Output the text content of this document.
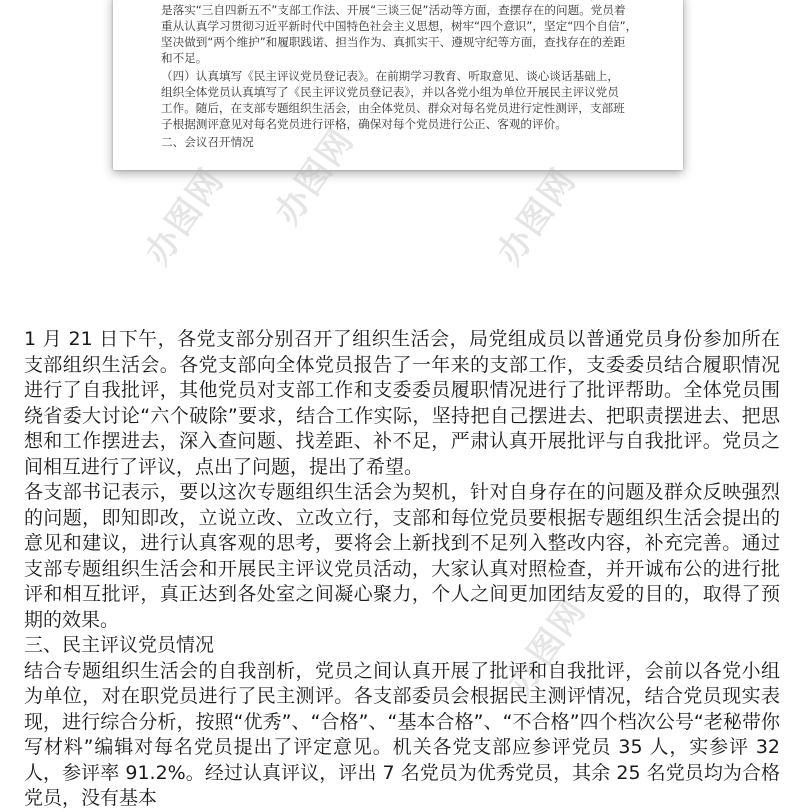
是落实“三自四新五不”支部工作法、开展“三谈三促”活动等方面，查摆存在的问题。党员着
重从认真学习贯彻习近平新时代中国特色社会主义思想，树牢“四个意识”，坚定“四个自信”，
坚决做到“两个维护”和履职践诺、担当作为、真抓实干、遵规守纪等方面，查找存在的差距
和不足。
（四）认真填写《民主评议党员登记表》。在前期学习教育、听取意见、谈心谈话基础上，
组织全体党员认真填写了《民主评议党员登记表》，并以各党小组为单位开展民主评议党员
工作。随后，在支部专题组织生活会，由全体党员、群众对每名党员进行定性测评，支部班
子根据测评意见对每名党员进行评格，确保对每个党员进行公正、客观的评价。
二、会议召开情况
办图网 办图网	办图网
办图网

1 月 21 日下午，各党支部分别召开了组织生活会，局党组成员以普通党员身份参加所在支部组织生活会。各党支部向全体党员报告了一年来的支部工作，支委委员结合履职情况进行了自我批评，其他党员对支部工作和支委委员履职情况进行了批评帮助。全体党员围绕省委大讨论“六个破除”要求，结合工作实际，坚持把自己摆进去、把职责摆进去、把思想和工作摆进去，深入查问题、找差距、补不足，严肃认真开展批评与自我批评。党员之间相互进行了评议，点出了问题，提出了希望。

各支部书记表示，要以这次专题组织生活会为契机，针对自身存在的问题及群众反映强烈的问题，即知即改，立说立改、立改立行，支部和每位党员要根据专题组织生活会提出的意见和建议，进行认真客观的思考，要将会上新找到不足列入整改内容，补充完善。通过支部专题组织生活会和开展民主评议党员活动，大家认真对照检查，并开诚布公的进行批评和相互批评，真正达到各处室之间凝心聚力，个人之间更加团结友爱的目的，取得了预期的效果。

三、民主评议党员情况

结合专题组织生活会的自我剖析，党员之间认真开展了批评和自我批评，会前以各党小组为单位，对在职党员进行了民主测评。各支部委员会根据民主测评情况，结合党员现实表现，进行综合分析，按照“优秀”、“合格”、“基本合格”、“不合格”四个档次公号“老秘带你写材料”编辑对每名党员提出了评定意见。机关各党支部应参评党员 35 人，实参评 32 人，参评率 91.2%。经过认真评议，评出 7 名党员为优秀党员，其余 25 名党员均为合格党员，没有基本
